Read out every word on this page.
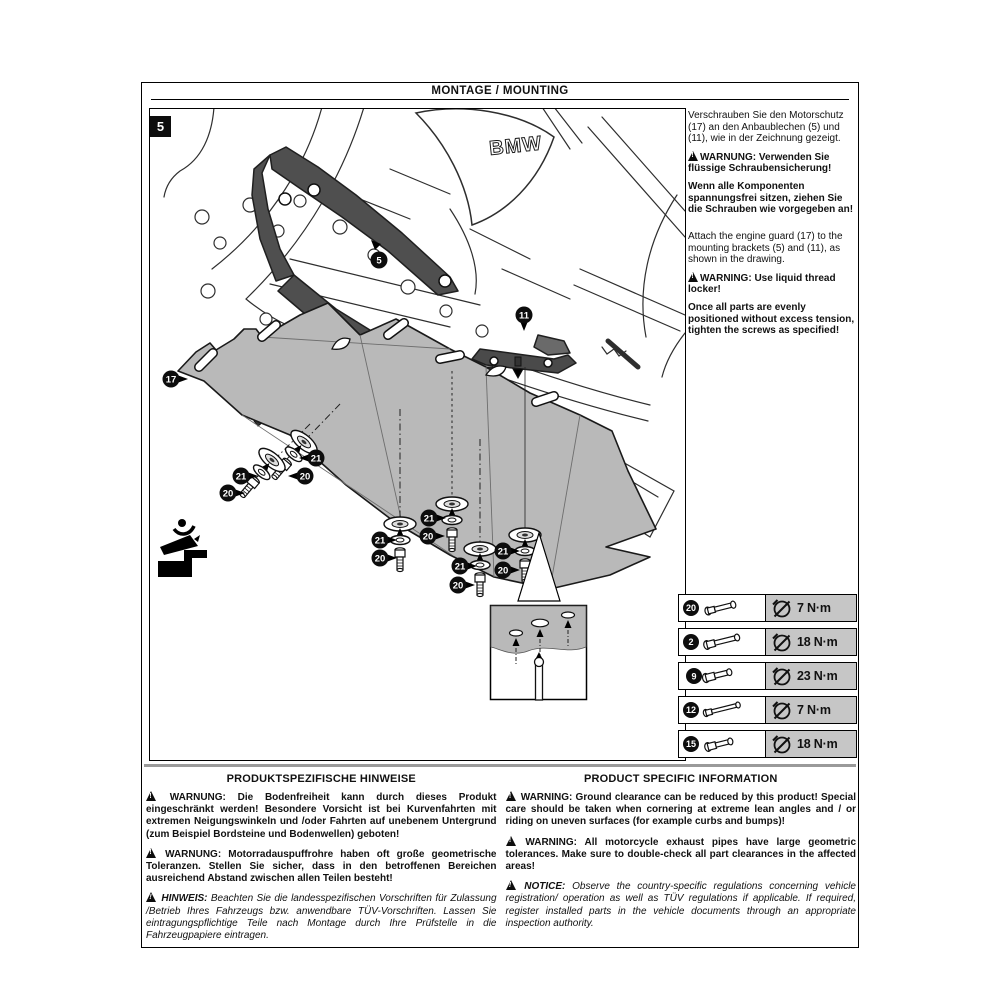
MONTAGE / MOUNTING
5
BMW
17
5
11
21
20
21
20
21
20
21
20
21
20
21
20

Verschrauben Sie den Motorschutz (17) an den Anbaublechen (5) und (11), wie in der Zeichnung gezeigt.

!WARNUNG: Verwenden Sie flüssige Schraubensicherung!

Wenn alle Komponenten spannungsfrei sitzen, ziehen Sie die Schrauben wie vorgegeben an!

Attach the engine guard (17) to the mounting brackets (5) and (11), as shown in the drawing.

!WARNING: Use liquid thread locker!

Once all parts are evenly positioned without excess tension, tighten the screws as specified!

20	7 N·m
2	18 N·m
9	23 N·m
12	7 N·m
15	18 N·m

PRODUKTSPEZIFISCHE HINWEISE

! WARNUNG: Die Bodenfreiheit kann durch dieses Produkt eingeschränkt werden! Besondere Vorsicht ist bei Kurvenfahrten mit extremen Neigungswinkeln und /oder Fahrten auf unebenem Untergrund (zum Beispiel Bordsteine und Bodenwellen) geboten!

! WARNUNG: Motorradauspuffrohre haben oft große geometrische Toleranzen. Stellen Sie sicher, dass in den betroffenen Bereichen ausreichend Abstand zwischen allen Teilen besteht!

! HINWEIS: Beachten Sie die landesspezifischen Vorschriften für Zulassung /Betrieb Ihres Fahrzeugs bzw. anwendbare TÜV-Vorschriften. Lassen Sie eintragungspflichtige Teile nach Montage durch Ihre Prüfstelle in die Fahrzeugpapiere eintragen.

PRODUCT SPECIFIC INFORMATION

! WARNING: Ground clearance can be reduced by this product! Special care should be taken when cornering at extreme lean angles and / or riding on uneven surfaces (for example curbs and bumps)!

! WARNING: All motorcycle exhaust pipes have large geometric tolerances. Make sure to double-check all part clearances in the affected areas!

! NOTICE: Observe the country-specific regulations concerning vehicle registration/ operation as well as TÜV regulations if applicable. If required, register installed parts in the vehicle documents through an appropriate inspection authority.
